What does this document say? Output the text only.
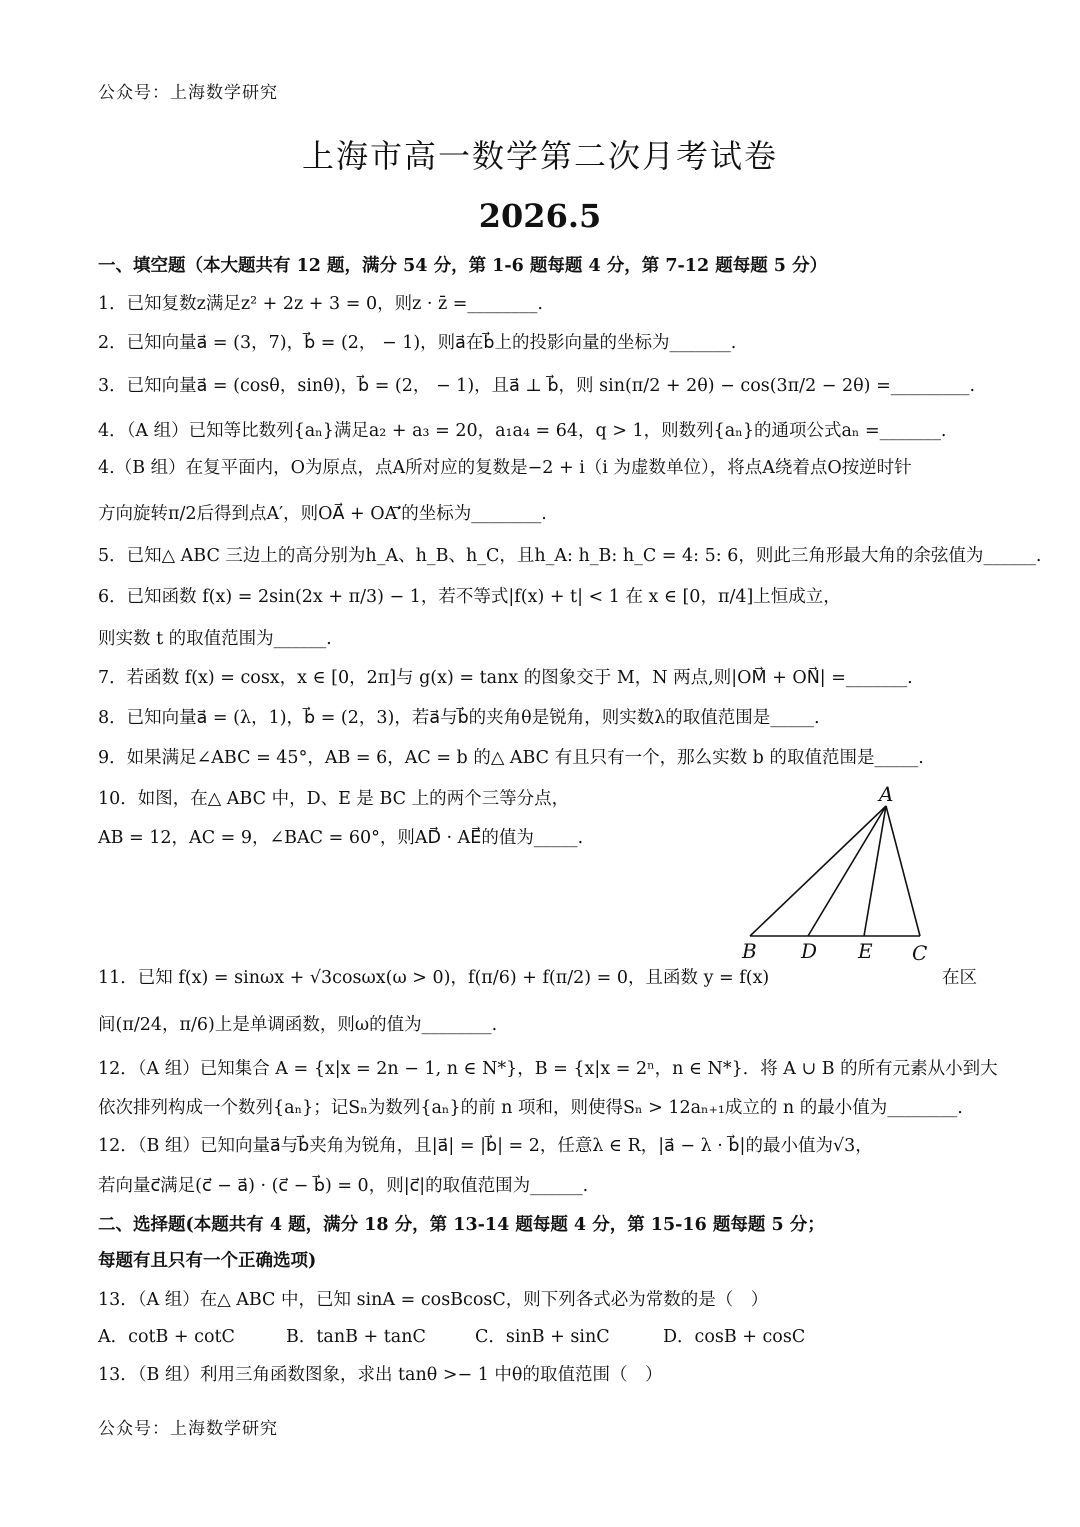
公众号：上海数学研究
上海市高一数学第二次月考试卷
2026.5
一、填空题（本大题共有 12 题，满分 54 分，第 1-6 题每题 4 分，第 7-12 题每题 5 分）
1．已知复数z满足z² + 2z + 3 = 0，则z · z̄ =________.
2．已知向量a⃗ = (3，7)，b⃗ = (2， − 1)，则a⃗在b⃗上的投影向量的坐标为_______.
3．已知向量a⃗ = (cosθ，sinθ)，b⃗ = (2， − 1)，且a⃗ ⊥ b⃗，则 sin(π/2 + 2θ) − cos(3π/2 − 2θ) =_________.
4．（A 组）已知等比数列{aₙ}满足a₂ + a₃ = 20，a₁a₄ = 64，q > 1，则数列{aₙ}的通项公式aₙ =_______.
4.（B 组）在复平面内，O为原点，点A所对应的复数是−2 + i（i 为虚数单位），将点A绕着点O按逆时针
方向旋转π/2后得到点A′，则OA⃗ + OA′⃗的坐标为________.
5．已知△ ABC 三边上的高分别为h_A、h_B、h_C，且h_A: h_B: h_C = 4: 5: 6，则此三角形最大角的余弦值为______.
6．已知函数 f(x) = 2sin(2x + π/3) − 1，若不等式|f(x) + t| < 1 在 x ∈ [0，π/4]上恒成立，
则实数 t 的取值范围为______.
7．若函数 f(x) = cosx，x ∈ [0，2π]与 g(x) = tanx 的图象交于 M，N 两点,则|OM⃗ + ON⃗| =_______.
8．已知向量a⃗ = (λ，1)，b⃗ = (2，3)，若a⃗与b⃗的夹角θ是锐角，则实数λ的取值范围是_____.
9．如果满足∠ABC = 45°，AB = 6，AC = b 的△ ABC 有且只有一个，那么实数 b 的取值范围是_____.
10．如图，在△ ABC 中，D、E 是 BC 上的两个三等分点，
AB = 12，AC = 9，∠BAC = 60°，则AD⃗ · AE⃗的值为_____.
A
B D E C
11．已知 f(x) = sinωx + √3cosωx(ω > 0)，f(π/6) + f(π/2) = 0，且函数 y = f(x)	在区
间(π/24，π/6)上是单调函数，则ω的值为________.
12．（A 组）已知集合 A = {x|x = 2n − 1, n ∈ N*}，B = {x|x = 2ⁿ，n ∈ N*}．将 A ∪ B 的所有元素从小到大
依次排列构成一个数列{aₙ}；记Sₙ为数列{aₙ}的前 n 项和，则使得Sₙ > 12aₙ₊₁成立的 n 的最小值为________.
12．（B 组）已知向量a⃗与b⃗夹角为锐角，且|a⃗| = |b⃗| = 2，任意λ ∈ R，|a⃗ − λ · b⃗|的最小值为√3，
若向量c⃗满足(c⃗ − a⃗) · (c⃗ − b⃗) = 0，则|c⃗|的取值范围为______.
二、选择题(本题共有 4 题，满分 18 分，第 13-14 题每题 4 分，第 15-16 题每题 5 分；
每题有且只有一个正确选项)
13．（A 组）在△ ABC 中，已知 sinA = cosBcosC，则下列各式必为常数的是（　）
A．cotB + cotC	B．tanB + tanC	C．sinB + sinC	D．cosB + cosC
13．（B 组）利用三角函数图象，求出 tanθ >− 1 中θ的取值范围（　）
公众号：上海数学研究
